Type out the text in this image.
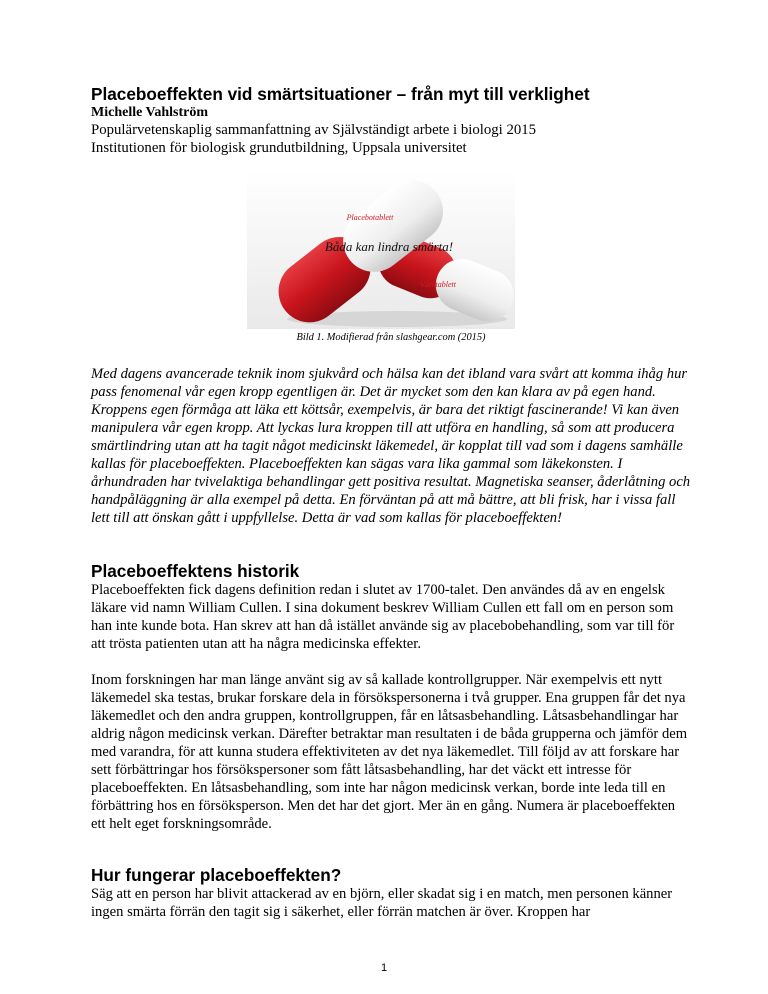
Placeboeffekten vid smärtsituationer – från myt till verklighet

Michelle Vahlström

Populärvetenskaplig sammanfattning av Självständigt arbete i biologi 2015

Institutionen för biologisk grundutbildning, Uppsala universitet

Placebotablett
Båda kan lindra smärta!
Värktablett
Bild 1. Modifierad från slashgear.com (2015)

Med dagens avancerade teknik inom sjukvård och hälsa kan det ibland vara svårt att komma ihåg hur pass fenomenal vår egen kropp egentligen är. Det är mycket som den kan klara av på egen hand. Kroppens egen förmåga att läka ett köttsår, exempelvis, är bara det riktigt fascinerande! Vi kan även manipulera vår egen kropp. Att lyckas lura kroppen till att utföra en handling, så som att producera smärtlindring utan att ha tagit något medicinskt läkemedel, är kopplat till vad som i dagens samhälle kallas för placeboeffekten. Placeboeffekten kan sägas vara lika gammal som läkekonsten. I århundraden har tvivelaktiga behandlingar gett positiva resultat. Magnetiska seanser, åderlåtning och handpåläggning är alla exempel på detta. En förväntan på att må bättre, att bli frisk, har i vissa fall lett till att önskan gått i uppfyllelse. Detta är vad som kallas för placeboeffekten!

Placeboeffektens historik

Placeboeffekten fick dagens definition redan i slutet av 1700-talet. Den användes då av en engelsk läkare vid namn William Cullen. I sina dokument beskrev William Cullen ett fall om en person som han inte kunde bota. Han skrev att han då istället använde sig av placebobehandling, som var till för att trösta patienten utan att ha några medicinska effekter.

Inom forskningen har man länge använt sig av så kallade kontrollgrupper. När exempelvis ett nytt läkemedel ska testas, brukar forskare dela in försökspersonerna i två grupper. Ena gruppen får det nya läkemedlet och den andra gruppen, kontrollgruppen, får en låtsasbehandling. Låtsasbehandlingar har aldrig någon medicinsk verkan. Därefter betraktar man resultaten i de båda grupperna och jämför dem med varandra, för att kunna studera effektiviteten av det nya läkemedlet. Till följd av att forskare har sett förbättringar hos försökspersoner som fått låtsasbehandling, har det väckt ett intresse för placeboeffekten. En låtsasbehandling, som inte har någon medicinsk verkan, borde inte leda till en förbättring hos en försöksperson. Men det har det gjort. Mer än en gång. Numera är placeboeffekten ett helt eget forskningsområde.

Hur fungerar placeboeffekten?

Säg att en person har blivit attackerad av en björn, eller skadat sig i en match, men personen känner ingen smärta förrän den tagit sig i säkerhet, eller förrän matchen är över. Kroppen har

1
